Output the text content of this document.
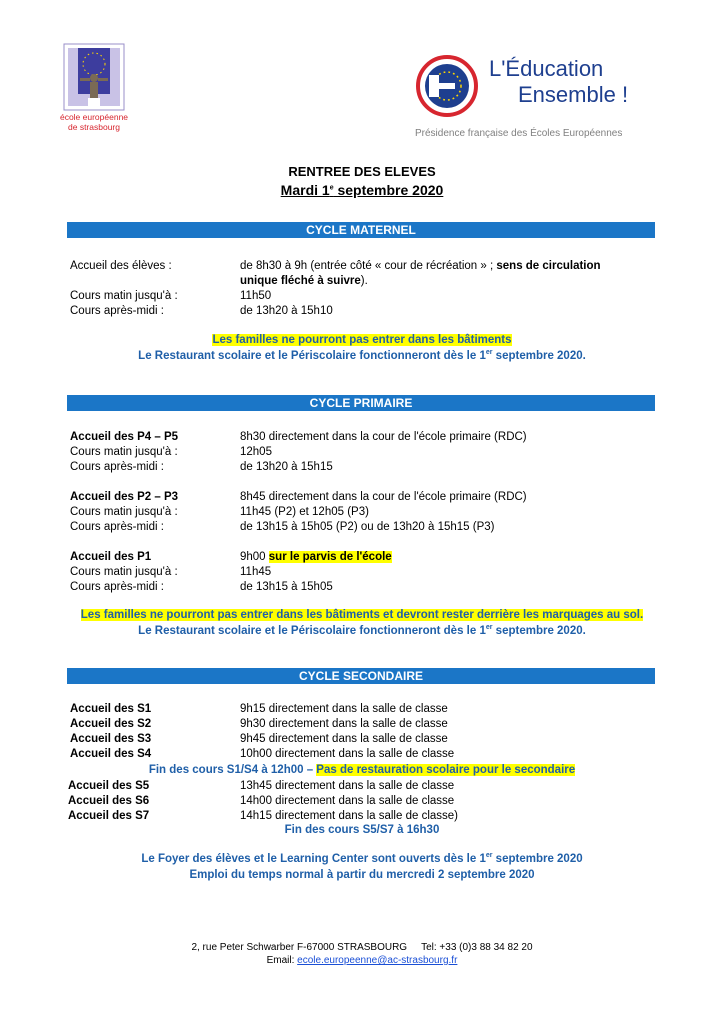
école européenne
de strasbourg
L'Éducation
Ensemble !
Présidence française des Écoles Européennes
RENTREE DES ELEVES
Mardi 1e septembre 2020
CYCLE MATERNEL
Accueil des élèves :	de 8h30 à 9h (entrée côté « cour de récréation » ; sens de circulation
unique fléché à suivre).
Cours matin jusqu'à :	11h50
Cours après-midi :	de 13h20 à 15h10
Les familles ne pourront pas entrer dans les bâtiments
Le Restaurant scolaire et le Périscolaire fonctionneront dès le 1er septembre 2020.
CYCLE PRIMAIRE
Accueil des P4 – P5	8h30 directement dans la cour de l'école primaire (RDC)
Cours matin jusqu'à :	12h05
Cours après-midi :	de 13h20 à 15h15
Accueil des P2 – P3	8h45 directement dans la cour de l'école primaire (RDC)
Cours matin jusqu'à :	11h45 (P2) et 12h05 (P3)
Cours après-midi :	de 13h15 à 15h05 (P2) ou de 13h20 à 15h15 (P3)
Accueil des P1	9h00 sur le parvis de l'école
Cours matin jusqu'à :	11h45
Cours après-midi :	de 13h15 à 15h05
Les familles ne pourront pas entrer dans les bâtiments et devront rester derrière les marquages au sol.
Le Restaurant scolaire et le Périscolaire fonctionneront dès le 1er septembre 2020.
CYCLE SECONDAIRE
Accueil des S1	9h15 directement dans la salle de classe
Accueil des S2	9h30 directement dans la salle de classe
Accueil des S3	9h45 directement dans la salle de classe
Accueil des S4	10h00 directement dans la salle de classe
Fin des cours S1/S4 à 12h00 – Pas de restauration scolaire pour le secondaire
Accueil des S5	13h45 directement dans la salle de classe
Accueil des S6	14h00 directement dans la salle de classe
Accueil des S7	14h15 directement dans la salle de classe)
Fin des cours S5/S7 à 16h30
Le Foyer des élèves et le Learning Center sont ouverts dès le 1er septembre 2020
Emploi du temps normal à partir du mercredi 2 septembre 2020
2, rue Peter Schwarber F-67000 STRASBOURG Tel: +33 (0)3 88 34 82 20
Email: ecole.europeenne@ac-strasbourg.fr
